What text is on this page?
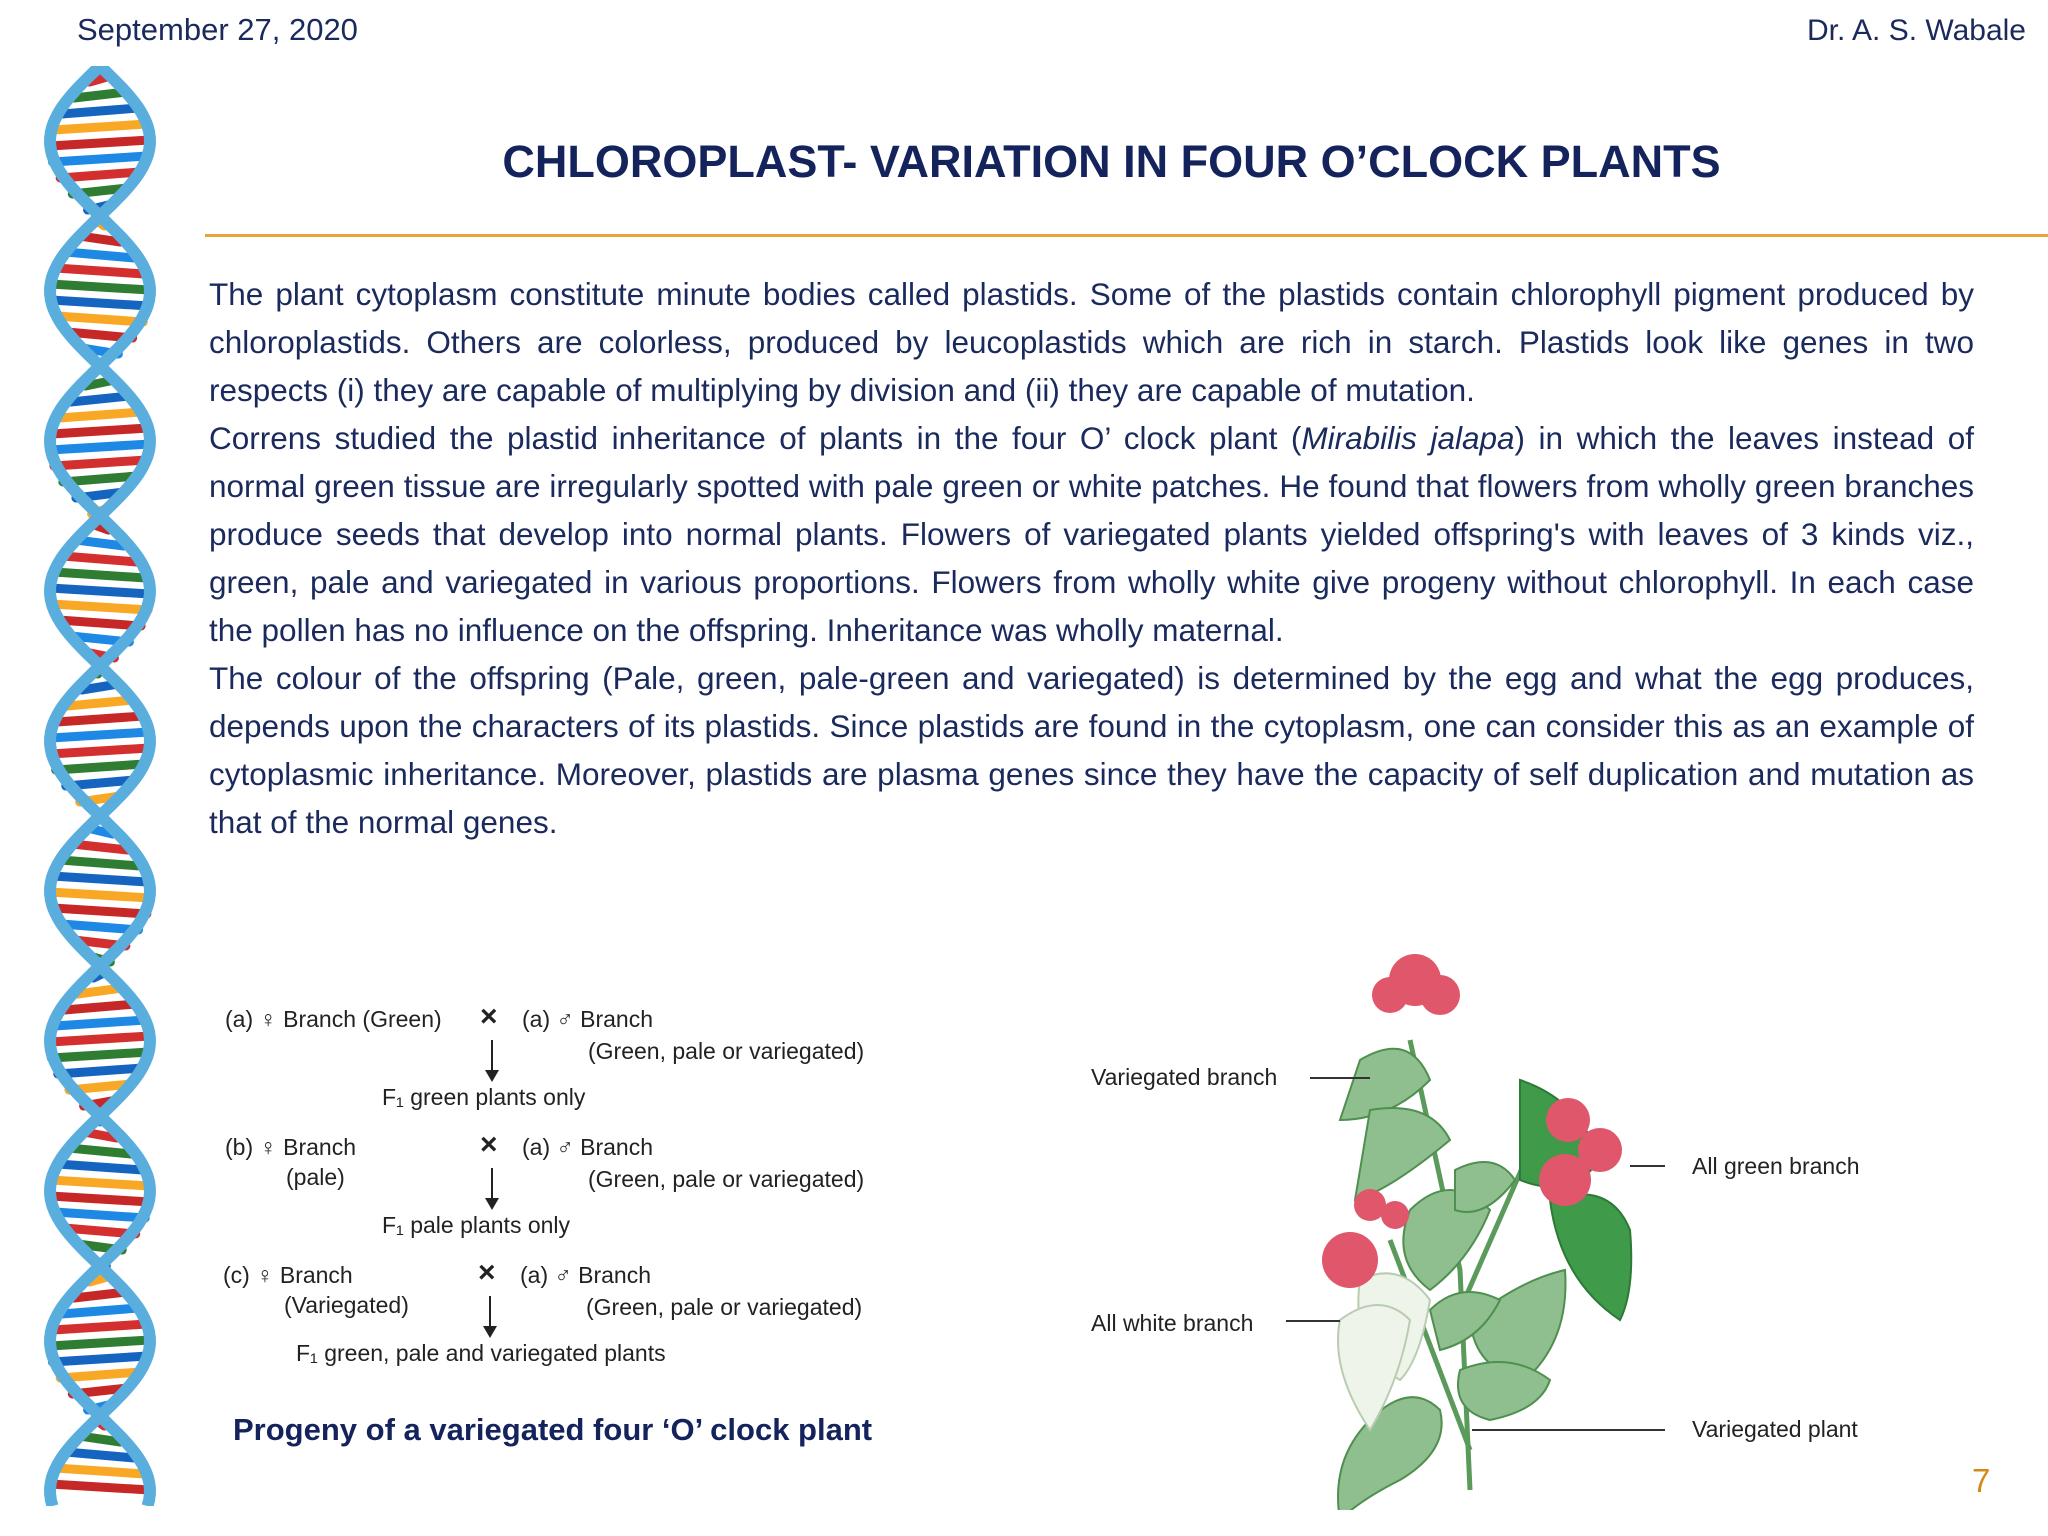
September 27, 2020	Dr. A. S. Wabale
CHLOROPLAST- VARIATION IN FOUR O’CLOCK PLANTS

The plant cytoplasm constitute minute bodies called plastids. Some of the plastids contain chlorophyll pigment produced by chloroplastids. Others are colorless, produced by leucoplastids which are rich in starch. Plastids look like genes in two respects (i) they are capable of multiplying by division and (ii) they are capable of mutation.

Correns studied the plastid inheritance of plants in the four O’ clock plant (Mirabilis jalapa) in which the leaves instead of normal green tissue are irregularly spotted with pale green or white patches. He found that flowers from wholly green branches produce seeds that develop into normal plants. Flowers of variegated plants yielded offspring's with leaves of 3 kinds viz., green, pale and variegated in various proportions. Flowers from wholly white give progeny without chlorophyll. In each case the pollen has no influence on the offspring. Inheritance was wholly maternal.

The colour of the offspring (Pale, green, pale-green and variegated) is determined by the egg and what the egg produces, depends upon the characters of its plastids. Since plastids are found in the cytoplasm, one can consider this as an example of cytoplasmic inheritance. Moreover, plastids are plasma genes since they have the capacity of self duplication and mutation as that of the normal genes.

(a) ♀ Branch (Green) × (a) ♂ Branch
(Green, pale or variegated)
F₁ green plants only
(b) ♀ Branch
(pale)
× (a) ♂ Branch
(Green, pale or variegated)
F₁ pale plants only
(c) ♀ Branch
(Variegated)
× (a) ♂ Branch
(Green, pale or variegated)
F₁ green, pale and variegated plants
Progeny of a variegated four ‘O’ clock plant
Variegated branch
All green branch
All white branch
Variegated plant
7
